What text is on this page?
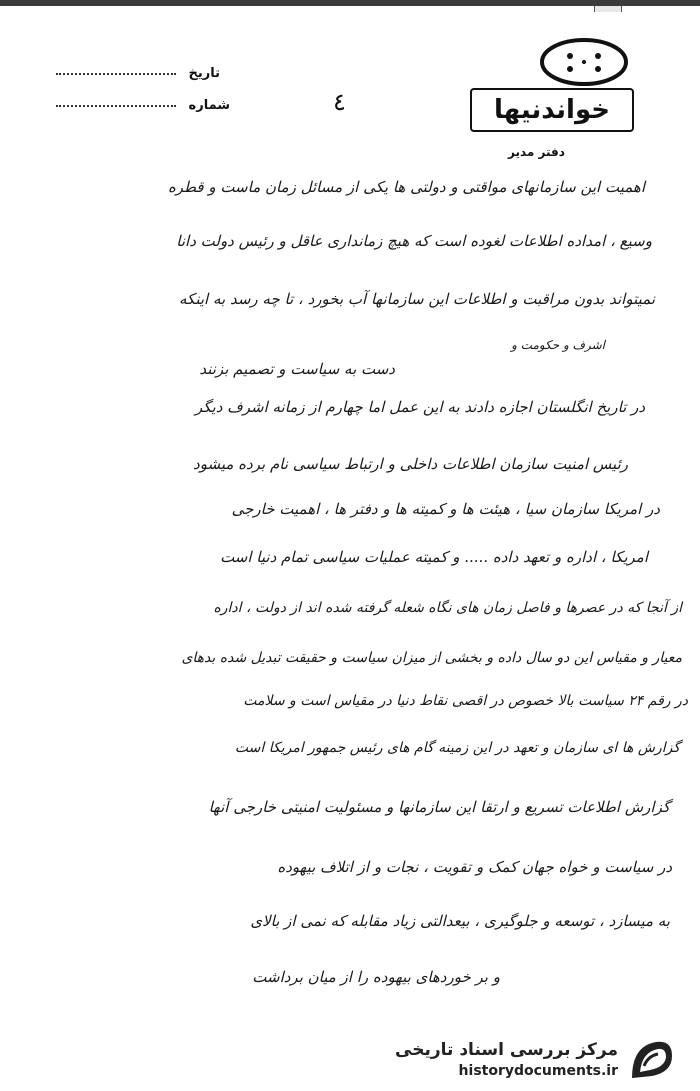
تاریخ
شماره	٤	خواندنیها
دفتر مدیر
اهمیت این سازمانهای مواقتی و دولتی ها یکی از مسائل زمان ماست و قطره
وسیع ، امداده اطلاعات لغوده است که هیچ زمانداری عاقل و رئیس دولت دانا
نمیتواند بدون مراقبت و اطلاعات این سازمانها آب بخورد ، تا چه رسد به اینکه
اشرف و حکومت و
دست به سیاست و تصمیم بزنند
در تاریخ انگلستان اجازه دادند به این عمل اما چهارم از زمانه اشرف دیگر
رئیس امنیت سازمان اطلاعات داخلی و ارتباط سیاسی نام برده میشود
در امریکا سازمان سیا ، هیئت ها و کمیته ها و دفتر ها ، اهمیت خارجی
امریکا ، اداره و تعهد داده ..... و کمیته عملیات سیاسی تمام دنیا است
از آنجا که در عصرها و فاصل زمان های نگاه شعله گرفته شده اند از دولت ، اداره
معیار و مقیاس این دو سال داده و بخشی از میزان سیاست و حقیقت تبدیل شده بدهای
در رقم ۲۴ سیاست بالا خصوص در اقصی نقاط دنیا در مقیاس است و سلامت
گزارش ها ای سازمان و تعهد در این زمینه گام های رئیس جمهور امریکا است
گزارش اطلاعات تسریع و ارتقا این سازمانها و مسئولیت امنیتی خارجی آنها
در سیاست و خواه جهان کمک و تقویت ، نجات و از اتلاف بیهوده
به میسازد ، توسعه و جلوگیری ، بیعدالتی زیاد مقابله که نمی از بالای
و بر خوردهای بیهوده را از میان برداشت
مرکز بررسی اسناد تاریخی
historydocuments.ir
